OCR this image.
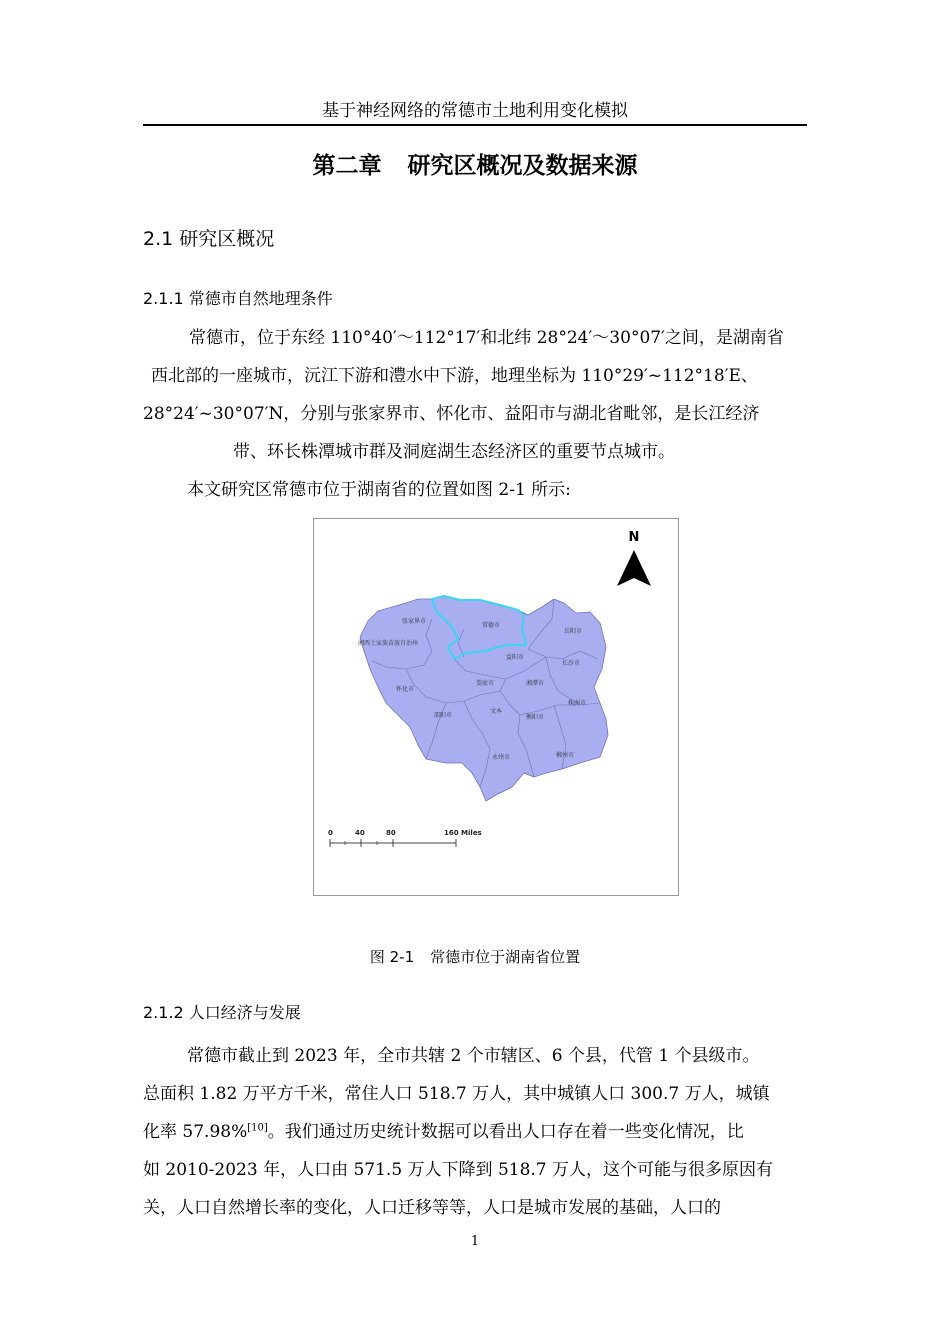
基于神经网络的常德市土地利用变化模拟
第二章 研究区概况及数据来源
2.1 研究区概况
2.1.1 常德市自然地理条件

常德市，位于东经 110°40′～112°17′和北纬 28°24′～30°07′之间，是湖南省

西北部的一座城市，沅江下游和澧水中下游，地理坐标为 110°29′~112°18′E、

28°24′~30°07′N，分别与张家界市、怀化市、益阳市与湖北省毗邻，是长江经济

带、环长株潭城市群及洞庭湖生态经济区的重要节点城市。

本文研究区常德市位于湖南省的位置如图 2-1 所示:

N
张家界市
常德市
岳阳市
湘西土家族苗族自治州
益阳市
长沙市
娄底市	湘潭市
怀化市
邵阳市	衡阳市
株洲市
文本
永州市	郴州市
0	40	80	160 Miles
图 2-1 常德市位于湖南省位置
2.1.2 人口经济与发展

常德市截止到 2023 年，全市共辖 2 个市辖区、6 个县，代管 1 个县级市。

总面积 1.82 万平方千米，常住人口 518.7 万人，其中城镇人口 300.7 万人，城镇

化率 57.98%[10]。我们通过历史统计数据可以看出人口存在着一些变化情况，比

如 2010-2023 年，人口由 571.5 万人下降到 518.7 万人，这个可能与很多原因有

关，人口自然增长率的变化，人口迁移等等，人口是城市发展的基础，人口的

1
